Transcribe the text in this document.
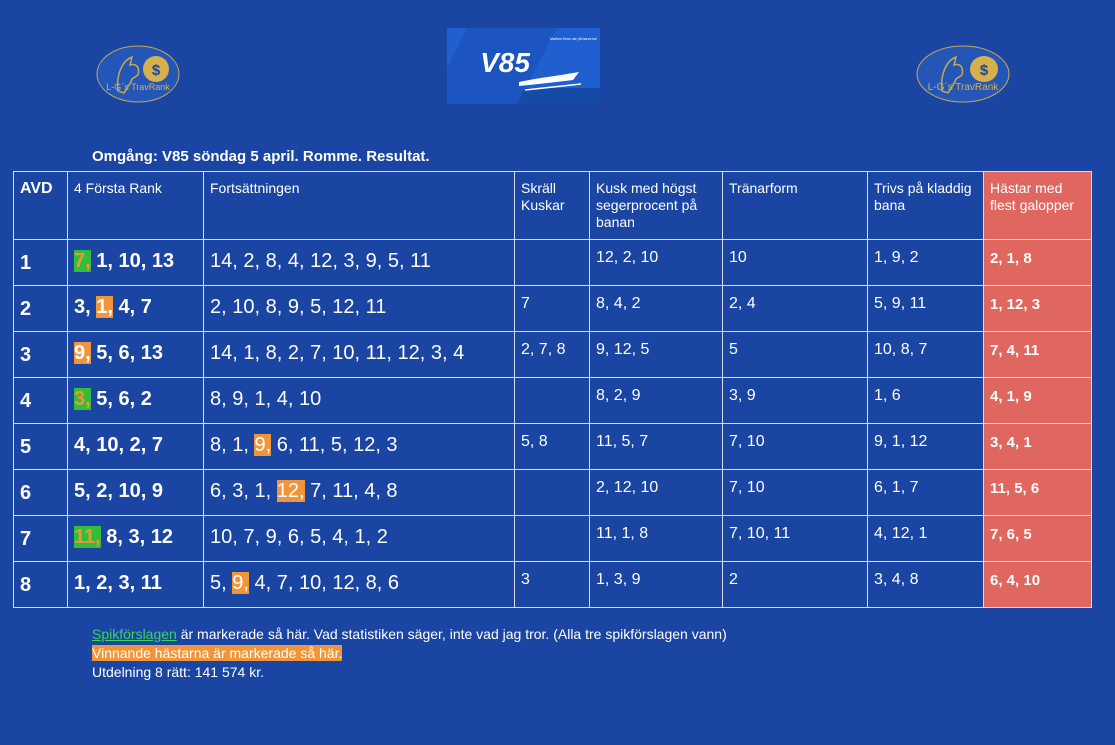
$
L-G´s TravRank
$
L-G´s TravRank
V85
Marken finns ute på banorna!
Omgång: V85 söndag 5 april. Romme. Resultat.
AVD	4 Första Rank	Fortsättningen	Skräll Kuskar	Kusk med högst segerprocent på banan	Tränarform	Trivs på kladdig bana	Hästar med flest galopper
1	7, 1, 10, 13	14, 2, 8, 4, 12, 3, 9, 5, 11		12, 2, 10	10	1, 9, 2	2, 1, 8
2	3, 1, 4, 7	2, 10, 8, 9, 5, 12, 11	7	8, 4, 2	2, 4	5, 9, 11	1, 12, 3
3	9, 5, 6, 13	14, 1, 8, 2, 7, 10, 11, 12, 3, 4	2, 7, 8	9, 12, 5	5	10, 8, 7	7, 4, 11
4	3, 5, 6, 2	8, 9, 1, 4, 10		8, 2, 9	3, 9	1, 6	4, 1, 9
5	4, 10, 2, 7	8, 1, 9, 6, 11, 5, 12, 3	5, 8	11, 5, 7	7, 10	9, 1, 12	3, 4, 1
6	5, 2, 10, 9	6, 3, 1, 12, 7, 11, 4, 8		2, 12, 10	7, 10	6, 1, 7	11, 5, 6
7	11, 8, 3, 12	10, 7, 9, 6, 5, 4, 1, 2		11, 1, 8	7, 10, 11	4, 12, 1	7, 6, 5
8	1, 2, 3, 11	5, 9, 4, 7, 10, 12, 8, 6	3	1, 3, 9	2	3, 4, 8	6, 4, 10
Spikförslagen är markerade så här. Vad statistiken säger, inte vad jag tror. (Alla tre spikförslagen vann)
Vinnande hästarna är markerade så här.
Utdelning 8 rätt: 141 574 kr.
